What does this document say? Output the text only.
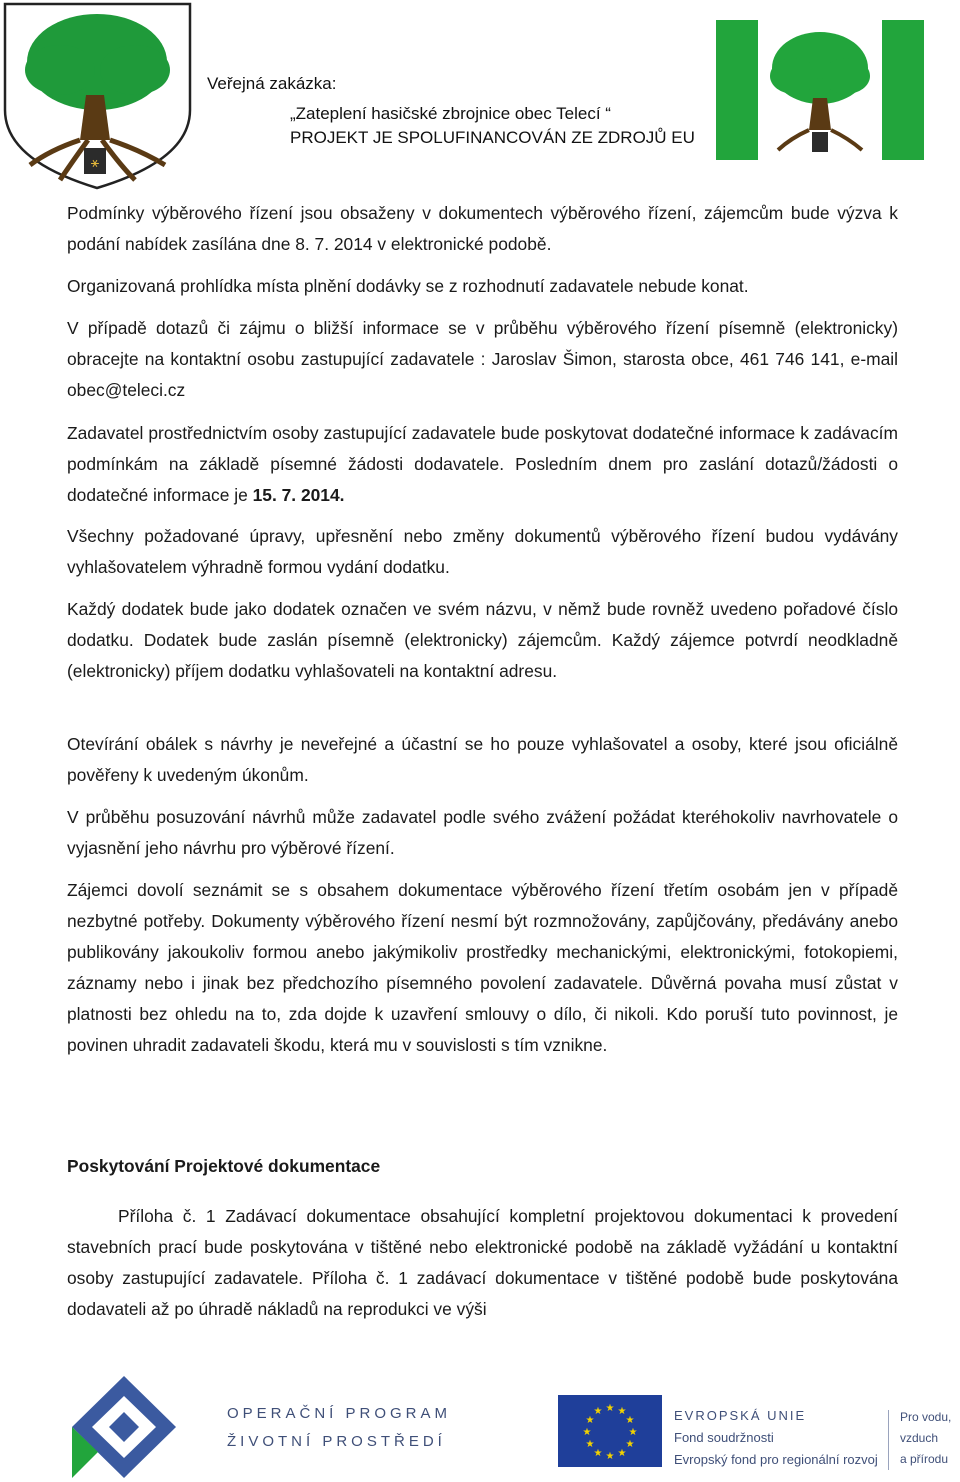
⚹
Veřejná zakázka:
„Zateplení hasičské zbrojnice obec Telecí “
PROJEKT JE SPOLUFINANCOVÁN ZE ZDROJŮ EU

Podmínky výběrového řízení jsou obsaženy v dokumentech výběrového řízení, zájemcům bude výzva k podání nabídek zasílána dne 8. 7. 2014 v elektronické podobě.

Organizovaná prohlídka místa plnění dodávky se z rozhodnutí zadavatele nebude konat.

V případě dotazů či zájmu o bližší informace se v průběhu výběrového řízení písemně (elektronicky) obracejte na kontaktní osobu zastupující zadavatele : Jaroslav Šimon, starosta obce, 461 746 141, e-mail obec@teleci.cz

Zadavatel prostřednictvím osoby zastupující zadavatele bude poskytovat dodatečné informace k zadávacím podmínkám na základě písemné žádosti dodavatele. Posledním dnem pro zaslání dotazů/žádosti o dodatečné informace je 15. 7. 2014.

Všechny požadované úpravy, upřesnění nebo změny dokumentů výběrového řízení budou vydávány vyhlašovatelem výhradně formou vydání dodatku.

Každý dodatek bude jako dodatek označen ve svém názvu, v němž bude rovněž uvedeno pořadové číslo dodatku. Dodatek bude zaslán písemně (elektronicky) zájemcům. Každý zájemce potvrdí neodkladně (elektronicky) příjem dodatku vyhlašovateli na kontaktní adresu.

Otevírání obálek s návrhy je neveřejné a účastní se ho pouze vyhlašovatel a osoby, které jsou oficiálně pověřeny k uvedeným úkonům.

V průběhu posuzování návrhů může zadavatel podle svého zvážení požádat kteréhokoliv navrhovatele o vyjasnění jeho návrhu pro výběrové řízení.

Zájemci dovolí seznámit se s obsahem dokumentace výběrového řízení třetím osobám jen v případě nezbytné potřeby. Dokumenty výběrového řízení nesmí být rozmnožovány, zapůjčovány, předávány anebo publikovány jakoukoliv formou anebo jakýmikoliv prostředky mechanickými, elektronickými, fotokopiemi, záznamy nebo i jinak bez předchozího písemného povolení zadavatele. Důvěrná povaha musí zůstat v platnosti bez ohledu na to, zda dojde k uzavření smlouvy o dílo, či nikoli. Kdo poruší tuto povinnost, je povinen uhradit zadavateli škodu, která mu v souvislosti s tím vznikne.

Poskytování Projektové dokumentace

Příloha č. 1 Zadávací dokumentace obsahující kompletní projektovou dokumentaci k provedení stavebních prací bude poskytována v tištěné nebo elektronické podobě na základě vyžádání u kontaktní osoby zastupující zadavatele. Příloha č. 1 zadávací dokumentace v tištěné podobě bude poskytována dodavateli až po úhradě nákladů na reprodukci ve výši

OPERAČNÍ PROGRAM
ŽIVOTNÍ PROSTŘEDÍ
★ ★
★
★
★
★
★
★
★
★
★
★	EVROPSKÁ UNIE
Fond soudržnosti
Evropský fond pro regionální rozvoj
Pro vodu,
vzduch
a přírodu
